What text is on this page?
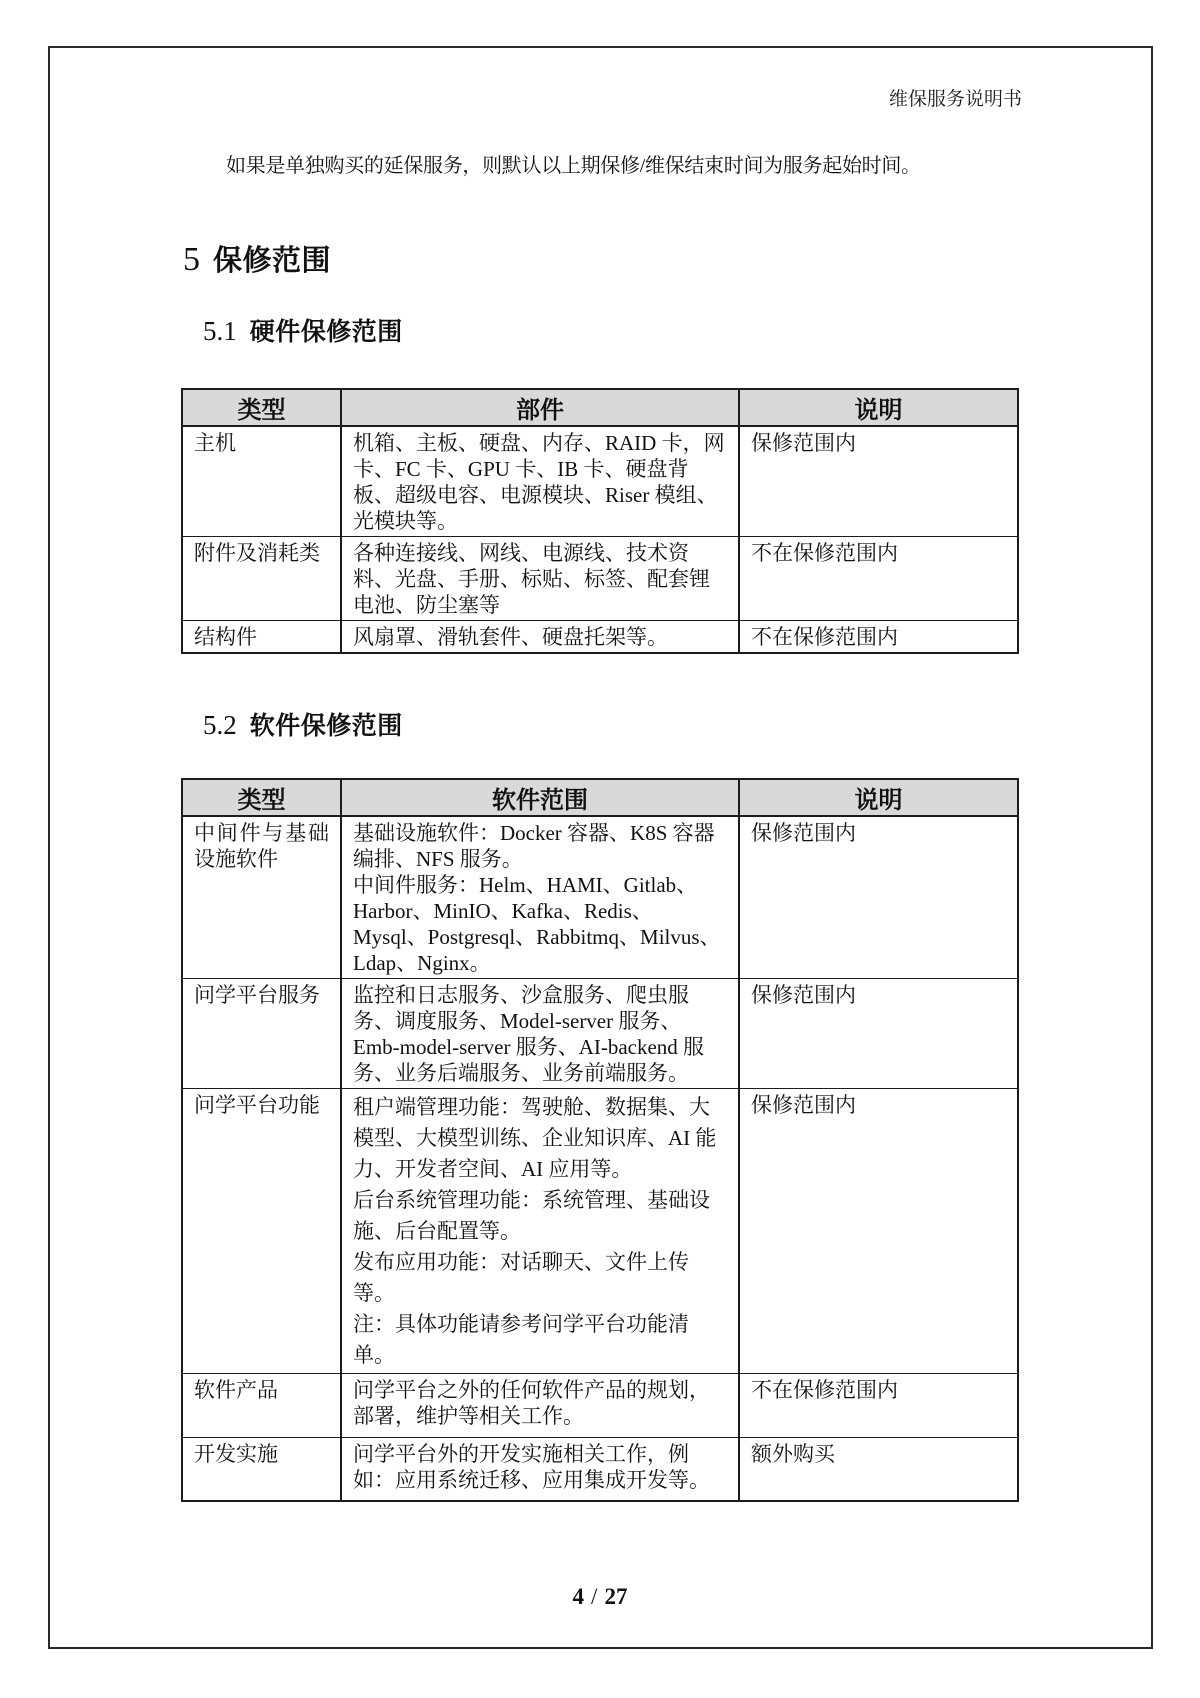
维保服务说明书

如果是单独购买的延保服务，则默认以上期保修/维保结束时间为服务起始时间。

5 保修范围
5.1 硬件保修范围
类型	部件	说明
主机	机箱、主板、硬盘、内存、RAID 卡，网卡、FC 卡、GPU 卡、IB 卡、硬盘背板、超级电容、电源模块、Riser 模组、光模块等。	保修范围内
附件及消耗类	各种连接线、网线、电源线、技术资料、光盘、手册、标贴、标签、配套锂电池、防尘塞等	不在保修范围内
结构件	风扇罩、滑轨套件、硬盘托架等。	不在保修范围内
5.2 软件保修范围
类型	软件范围	说明
中间件与基础设施软件	基础设施软件：Docker 容器、K8S 容器编排、NFS 服务。

中间件服务：Helm、HAMI、Gitlab、Harbor、MinIO、Kafka、Redis、Mysql、Postgresql、Rabbitmq、Milvus、Ldap、Nginx。	保修范围内
问学平台服务	监控和日志服务、沙盒服务、爬虫服务、调度服务、Model-server 服务、Emb-model-server 服务、AI-backend 服务、业务后端服务、业务前端服务。	保修范围内
问学平台功能	租户端管理功能：驾驶舱、数据集、大模型、大模型训练、企业知识库、AI 能力、开发者空间、AI 应用等。

后台系统管理功能：系统管理、基础设施、后台配置等。

发布应用功能：对话聊天、文件上传等。

注：具体功能请参考问学平台功能清单。	保修范围内
软件产品	问学平台之外的任何软件产品的规划，部署，维护等相关工作。	不在保修范围内
开发实施	问学平台外的开发实施相关工作，例如：应用系统迁移、应用集成开发等。	额外购买
4 / 27
